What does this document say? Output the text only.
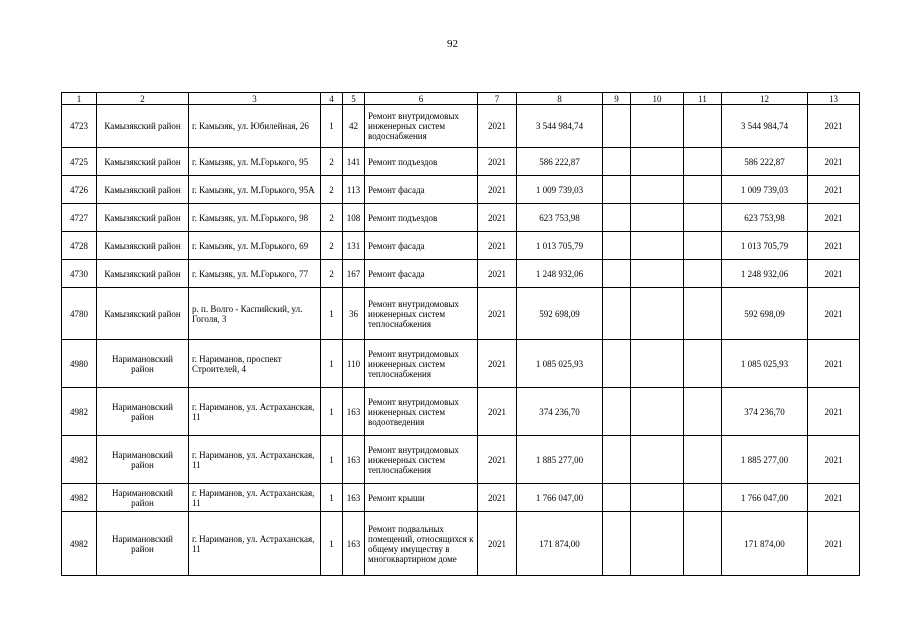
92
1	2	3	4	5	6	7	8	9	10	11	12	13
4723	Камызякский район	г. Камызяк, ул. Юбилейная, 26	1	42	Ремонт внутридомовых инженерных систем водоснабжения	2021	3 544 984,74				3 544 984,74	2021
4725	Камызякский район	г. Камызяк, ул. М.Горького, 95	2	141	Ремонт подъездов	2021	586 222,87				586 222,87	2021
4726	Камызякский район	г. Камызяк, ул. М.Горького, 95А	2	113	Ремонт фасада	2021	1 009 739,03				1 009 739,03	2021
4727	Камызякский район	г. Камызяк, ул. М.Горького, 98	2	108	Ремонт подъездов	2021	623 753,98				623 753,98	2021
4728	Камызякский район	г. Камызяк, ул. М.Горького, 69	2	131	Ремонт фасада	2021	1 013 705,79				1 013 705,79	2021
4730	Камызякский район	г. Камызяк, ул. М.Горького, 77	2	167	Ремонт фасада	2021	1 248 932,06				1 248 932,06	2021
4780	Камызякский район	р. п. Волго - Каспийский, ул. Гоголя, 3	1	36	Ремонт внутридомовых инженерных систем теплоснабжения	2021	592 698,09				592 698,09	2021
4980	Наримановский район	г. Нариманов, проспект Строителей, 4	1	110	Ремонт внутридомовых инженерных систем теплоснабжения	2021	1 085 025,93				1 085 025,93	2021
4982	Наримановский район	г. Нариманов, ул. Астраханская, 11	1	163	Ремонт внутридомовых инженерных систем водоотведения	2021	374 236,70				374 236,70	2021
4982	Наримановский район	г. Нариманов, ул. Астраханская, 11	1	163	Ремонт внутридомовых инженерных систем теплоснабжения	2021	1 885 277,00				1 885 277,00	2021
4982	Наримановский район	г. Нариманов, ул. Астраханская, 11	1	163	Ремонт крыши	2021	1 766 047,00				1 766 047,00	2021
4982	Наримановский район	г. Нариманов, ул. Астраханская, 11	1	163	Ремонт подвальных помещений, относящихся к общему имуществу в многоквартирном доме	2021	171 874,00				171 874,00	2021
